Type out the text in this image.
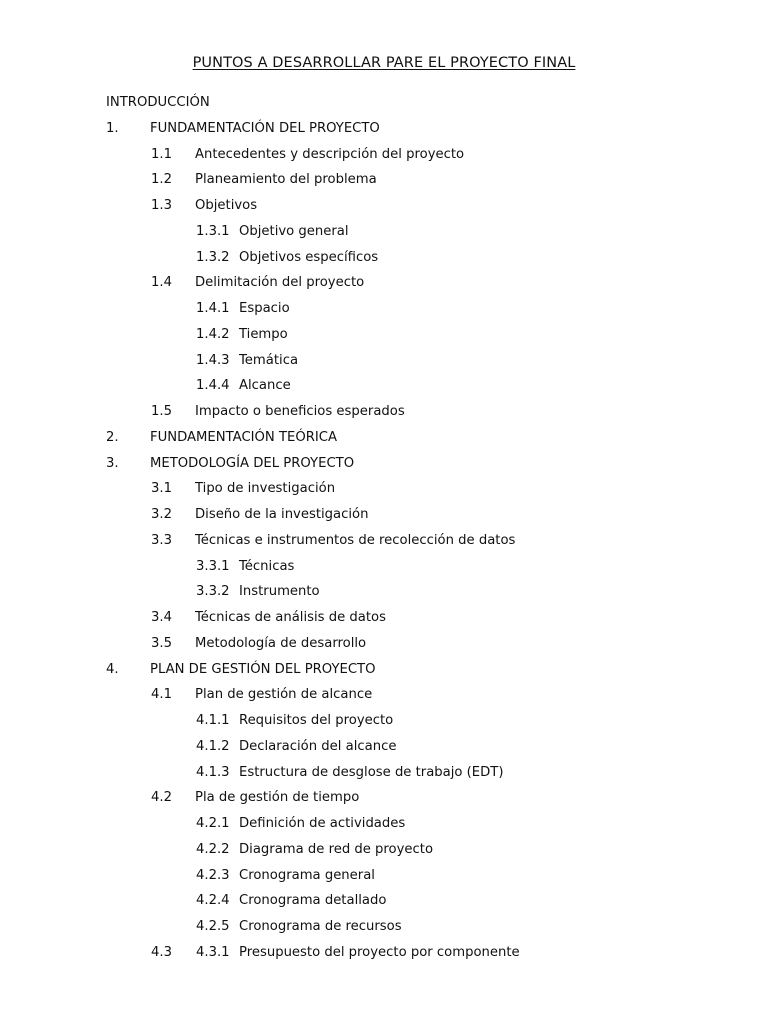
PUNTOS A DESARROLLAR PARE EL PROYECTO FINAL
INTRODUCCIÓN
1. FUNDAMENTACIÓN DEL PROYECTO
1.1 Antecedentes y descripción del proyecto
1.2 Planeamiento del problema
1.3 Objetivos
1.3.1 Objetivo general
1.3.2 Objetivos específicos
1.4 Delimitación del proyecto
1.4.1 Espacio
1.4.2 Tiempo
1.4.3 Temática
1.4.4 Alcance
1.5 Impacto o beneficios esperados
2. FUNDAMENTACIÓN TEÓRICA
3. METODOLOGÍA DEL PROYECTO
3.1 Tipo de investigación
3.2 Diseño de la investigación
3.3 Técnicas e instrumentos de recolección de datos
3.3.1 Técnicas
3.3.2 Instrumento
3.4 Técnicas de análisis de datos
3.5 Metodología de desarrollo
4. PLAN DE GESTIÓN DEL PROYECTO
4.1 Plan de gestión de alcance
4.1.1 Requisitos del proyecto
4.1.2 Declaración del alcance
4.1.3 Estructura de desglose de trabajo (EDT)
4.2 Pla de gestión de tiempo
4.2.1 Definición de actividades
4.2.2 Diagrama de red de proyecto
4.2.3 Cronograma general
4.2.4 Cronograma detallado
4.2.5 Cronograma de recursos
4.3 4.3.1 Presupuesto del proyecto por componente
